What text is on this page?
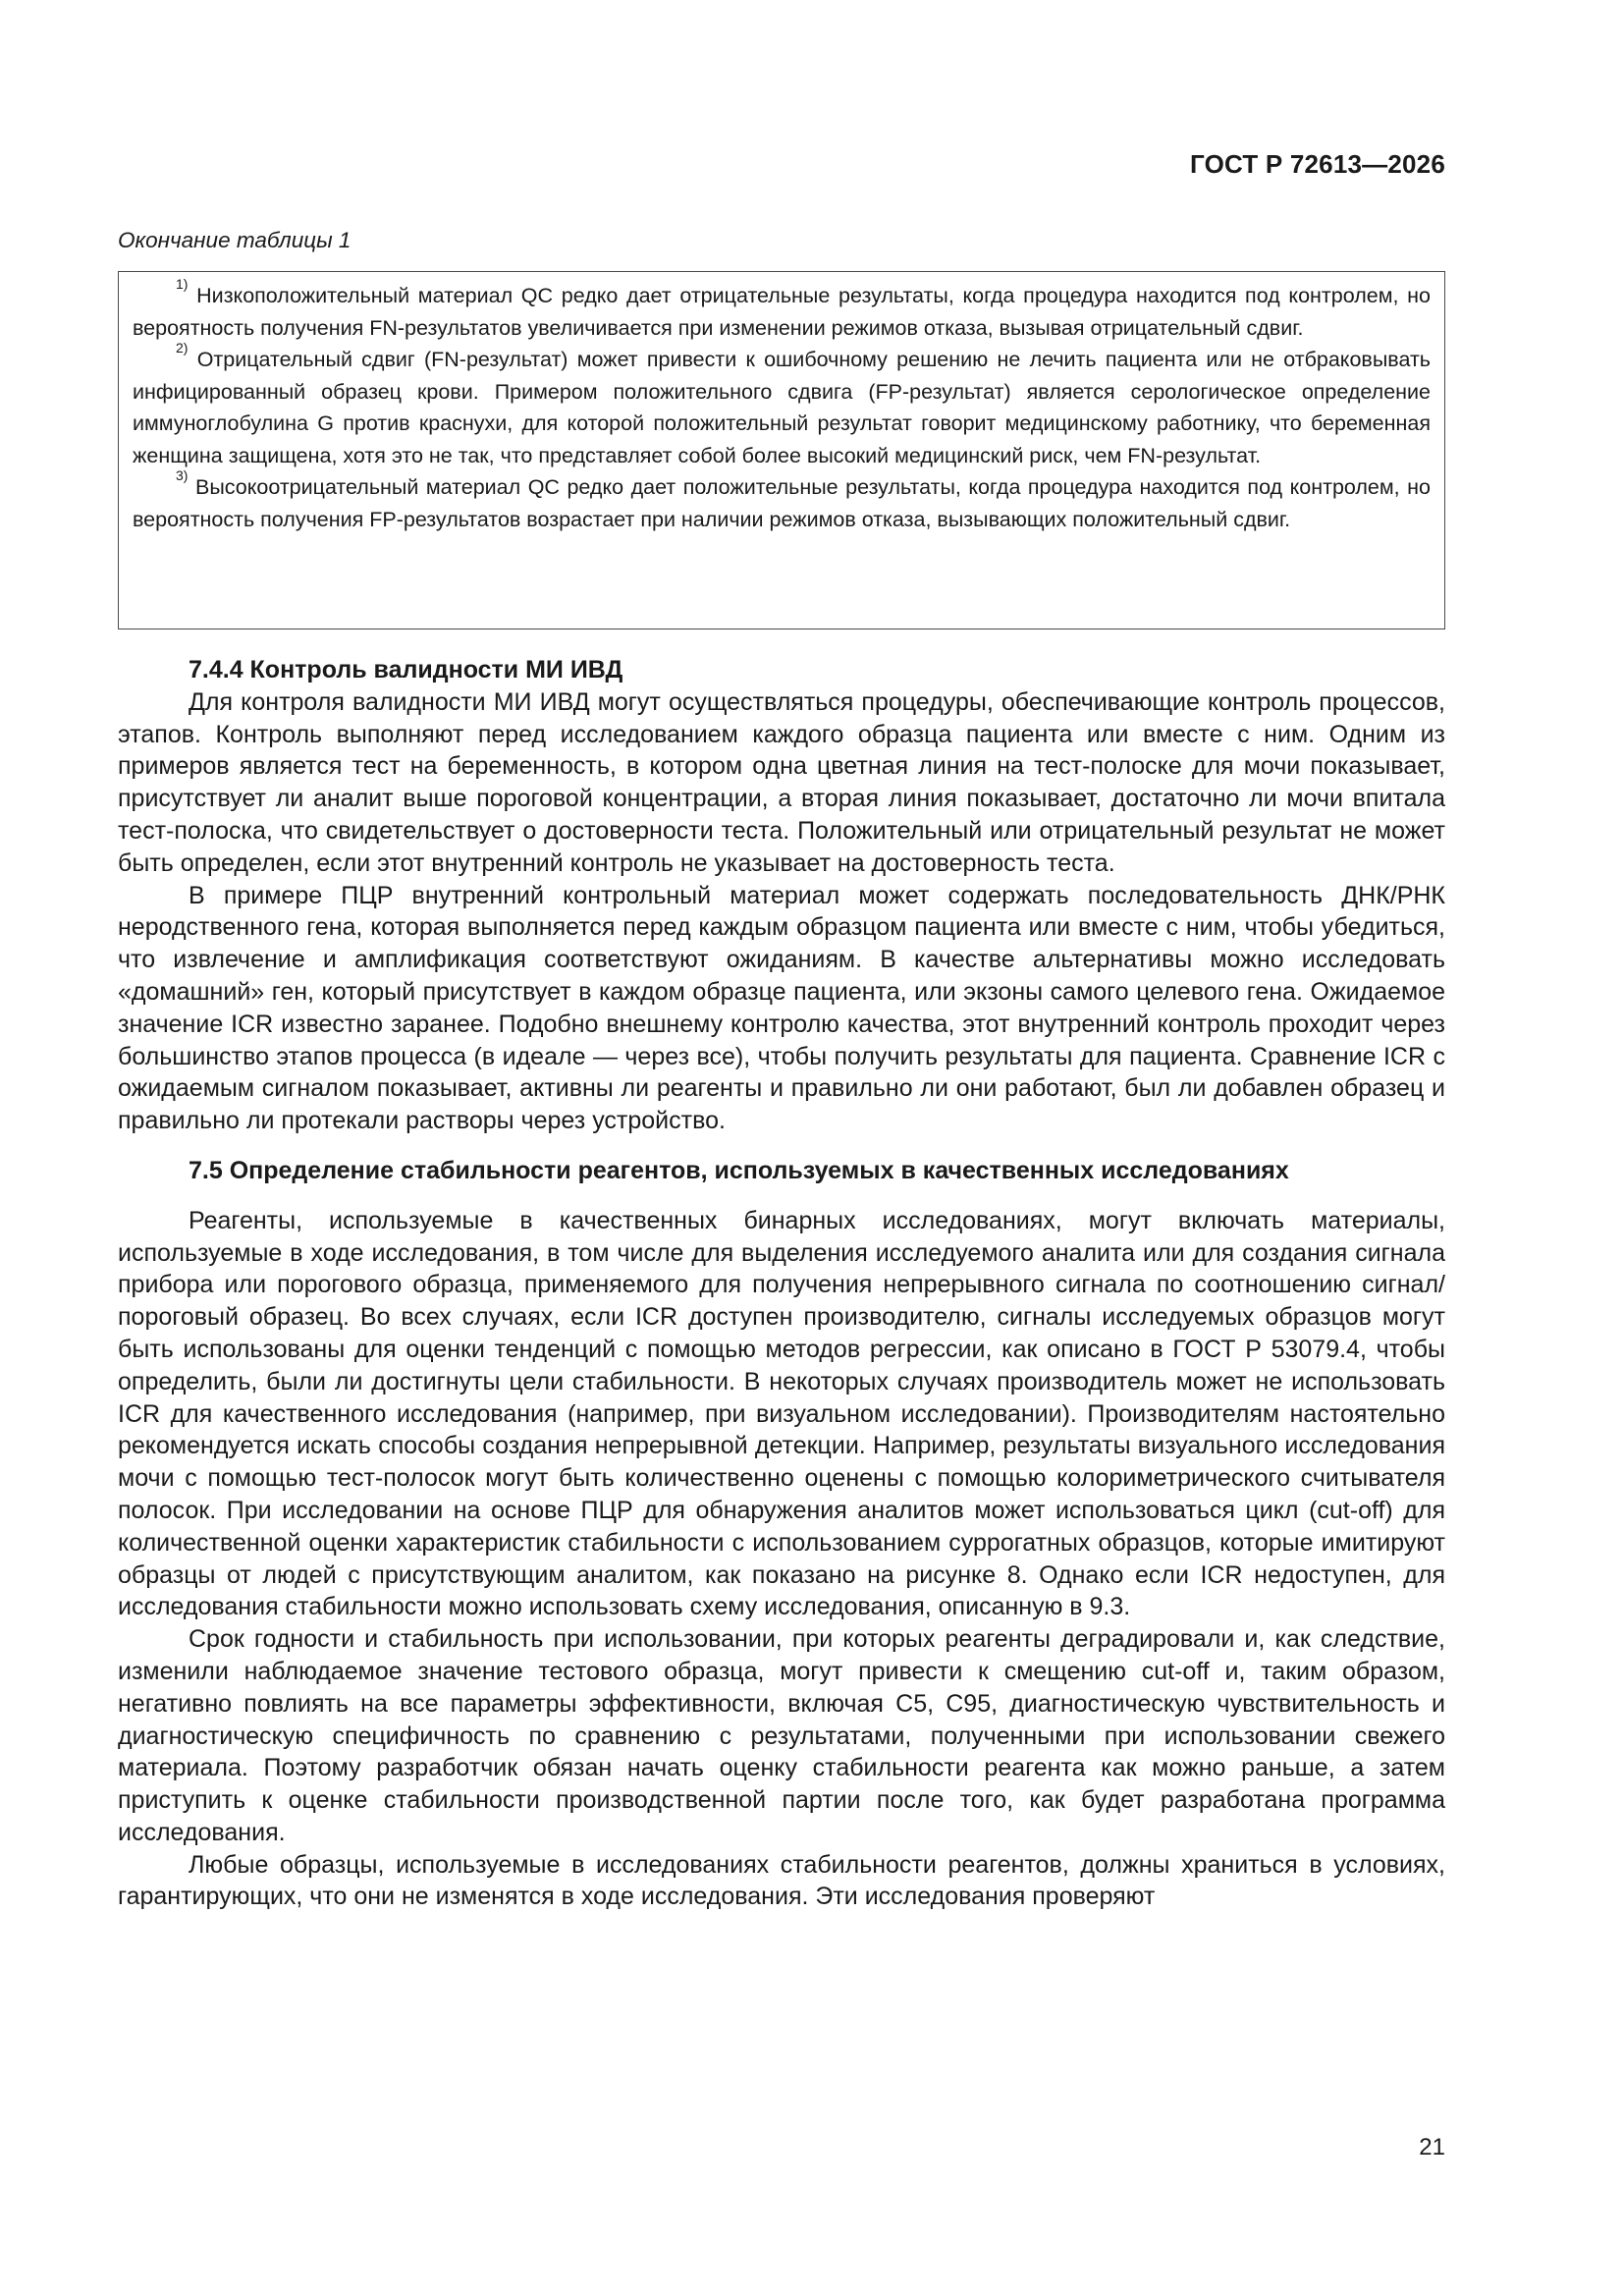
ГОСТ Р 72613—2026
Окончание таблицы 1

$^{1)}$ Низкоположительный материал QC редко дает отрицательные результаты, когда процедура находится под контролем, но вероятность получения FN-результатов увеличивается при изменении режимов отказа, вызывая отрицательный сдвиг.

$^{2)}$ Отрицательный сдвиг (FN-результат) может привести к ошибочному решению не лечить пациента или не отбраковывать инфицированный образец крови. Примером положительного сдвига (FP-результат) является серологическое определение иммуноглобулина G против краснухи, для которой положительный результат говорит медицинскому работнику, что беременная женщина защищена, хотя это не так, что представляет собой более высокий медицинский риск, чем FN-результат.

$^{3)}$ Высокоотрицательный материал QC редко дает положительные результаты, когда процедура находится под контролем, но вероятность получения FP-результатов возрастает при наличии режимов отказа, вызывающих положительный сдвиг.

7.4.4 Контроль валидности МИ ИВД

Для контроля валидности МИ ИВД могут осуществляться процедуры, обеспечивающие контроль процессов, этапов. Контроль выполняют перед исследованием каждого образца пациента или вместе с ним. Одним из примеров является тест на беременность, в котором одна цветная линия на тест-полоске для мочи показывает, присутствует ли аналит выше пороговой концентрации, а вторая линия показывает, достаточно ли мочи впитала тест-полоска, что свидетельствует о достоверности теста. Положительный или отрицательный результат не может быть определен, если этот внутренний контроль не указывает на достоверность теста.

В примере ПЦР внутренний контрольный материал может содержать последовательность ДНК/РНК неродственного гена, которая выполняется перед каждым образцом пациента или вместе с ним, чтобы убедиться, что извлечение и амплификация соответствуют ожиданиям. В качестве альтернативы можно исследовать «домашний» ген, который присутствует в каждом образце пациента, или экзоны самого целевого гена. Ожидаемое значение ICR известно заранее. Подобно внешнему контролю качества, этот внутренний контроль проходит через большинство этапов процесса (в идеале — через все), чтобы получить результаты для пациента. Сравнение ICR с ожидаемым сигналом показывает, активны ли реагенты и правильно ли они работают, был ли добавлен образец и правильно ли протекали растворы через устройство.

7.5 Определение стабильности реагентов, используемых в качественных исследованиях

Реагенты, используемые в качественных бинарных исследованиях, могут включать материалы, используемые в ходе исследования, в том числе для выделения исследуемого аналита или для создания сигнала прибора или порогового образца, применяемого для получения непрерывного сигнала по соотношению сигнал/пороговый образец. Во всех случаях, если ICR доступен производителю, сигналы исследуемых образцов могут быть использованы для оценки тенденций с помощью методов регрессии, как описано в ГОСТ Р 53079.4, чтобы определить, были ли достигнуты цели стабильности. В некоторых случаях производитель может не использовать ICR для качественного исследования (например, при визуальном исследовании). Производителям настоятельно рекомендуется искать способы создания непрерывной детекции. Например, результаты визуального исследования мочи с помощью тест-полосок могут быть количественно оценены с помощью колориметрического считывателя полосок. При исследовании на основе ПЦР для обнаружения аналитов может использоваться цикл (cut-off) для количественной оценки характеристик стабильности с использованием суррогатных образцов, которые имитируют образцы от людей с присутствующим аналитом, как показано на рисунке 8. Однако если ICR недоступен, для исследования стабильности можно использовать схему исследования, описанную в 9.3.

Срок годности и стабильность при использовании, при которых реагенты деградировали и, как следствие, изменили наблюдаемое значение тестового образца, могут привести к смещению cut-off и, таким образом, негативно повлиять на все параметры эффективности, включая C5, C95, диагностическую чувствительность и диагностическую специфичность по сравнению с результатами, полученными при использовании свежего материала. Поэтому разработчик обязан начать оценку стабильности реагента как можно раньше, а затем приступить к оценке стабильности производственной партии после того, как будет разработана программа исследования.

Любые образцы, используемые в исследованиях стабильности реагентов, должны храниться в условиях, гарантирующих, что они не изменятся в ходе исследования. Эти исследования проверяют

21
